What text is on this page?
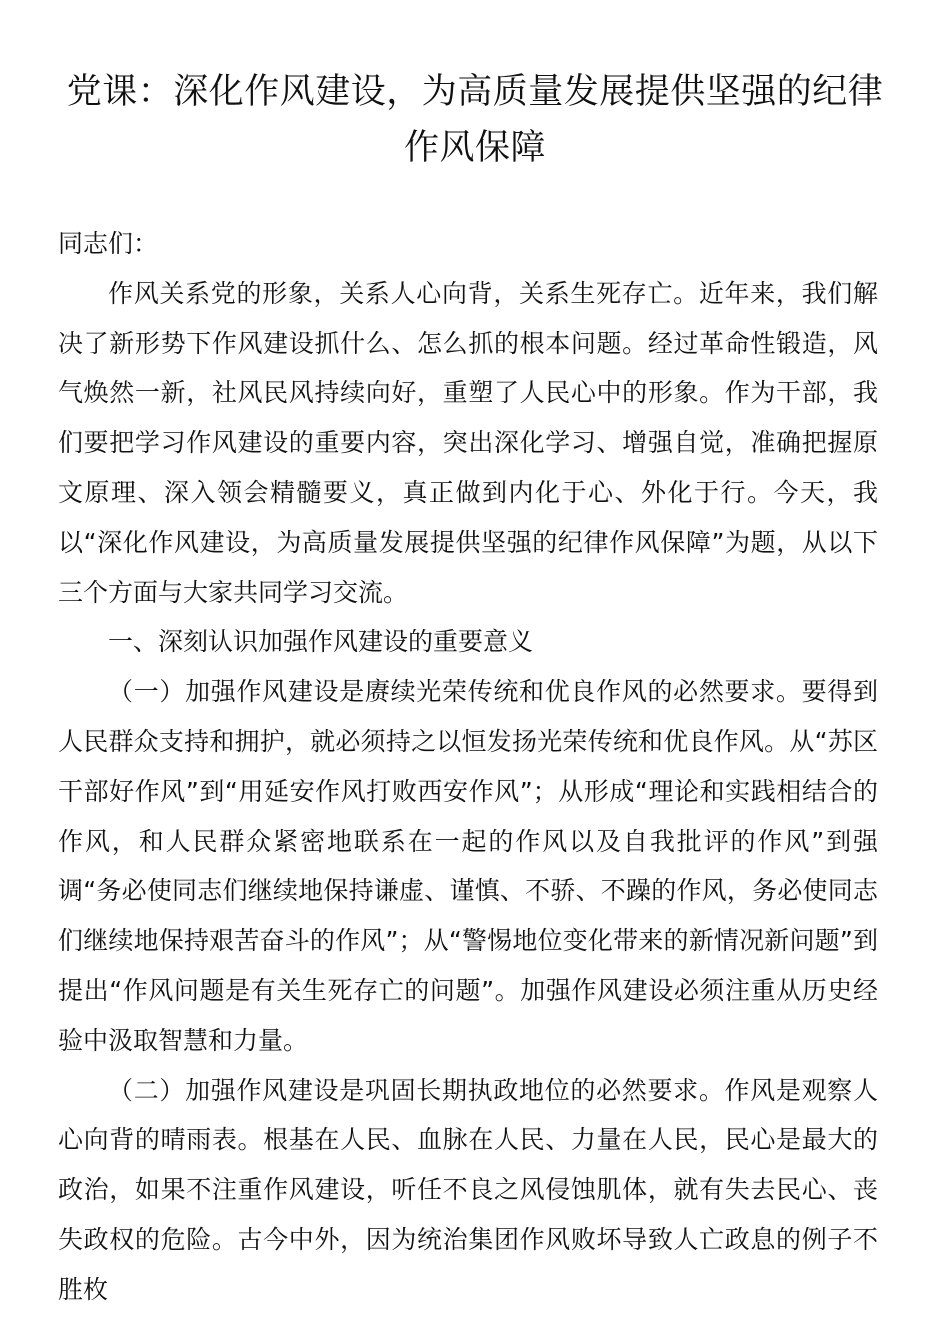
党课：深化作风建设，为高质量发展提供坚强的纪律作风保障

同志们：

作风关系党的形象，关系人心向背，关系生死存亡。近年来，我们解决了新形势下作风建设抓什么、怎么抓的根本问题。经过革命性锻造，风气焕然一新，社风民风持续向好，重塑了人民心中的形象。作为干部，我们要把学习作风建设的重要内容，突出深化学习、增强自觉，准确把握原文原理、深入领会精髓要义，真正做到内化于心、外化于行。今天，我以“深化作风建设，为高质量发展提供坚强的纪律作风保障”为题，从以下三个方面与大家共同学习交流。

一、深刻认识加强作风建设的重要意义

（一）加强作风建设是赓续光荣传统和优良作风的必然要求。要得到人民群众支持和拥护，就必须持之以恒发扬光荣传统和优良作风。从“苏区干部好作风”到“用延安作风打败西安作风”；从形成“理论和实践相结合的作风，和人民群众紧密地联系在一起的作风以及自我批评的作风”到强调“务必使同志们继续地保持谦虚、谨慎、不骄、不躁的作风，务必使同志们继续地保持艰苦奋斗的作风”；从“警惕地位变化带来的新情况新问题”到提出“作风问题是有关生死存亡的问题”。加强作风建设必须注重从历史经验中汲取智慧和力量。

（二）加强作风建设是巩固长期执政地位的必然要求。作风是观察人心向背的晴雨表。根基在人民、血脉在人民、力量在人民，民心是最大的政治，如果不注重作风建设，听任不良之风侵蚀肌体，就有失去民心、丧失政权的危险。古今中外，因为统治集团作风败坏导致人亡政息的例子不胜枚
